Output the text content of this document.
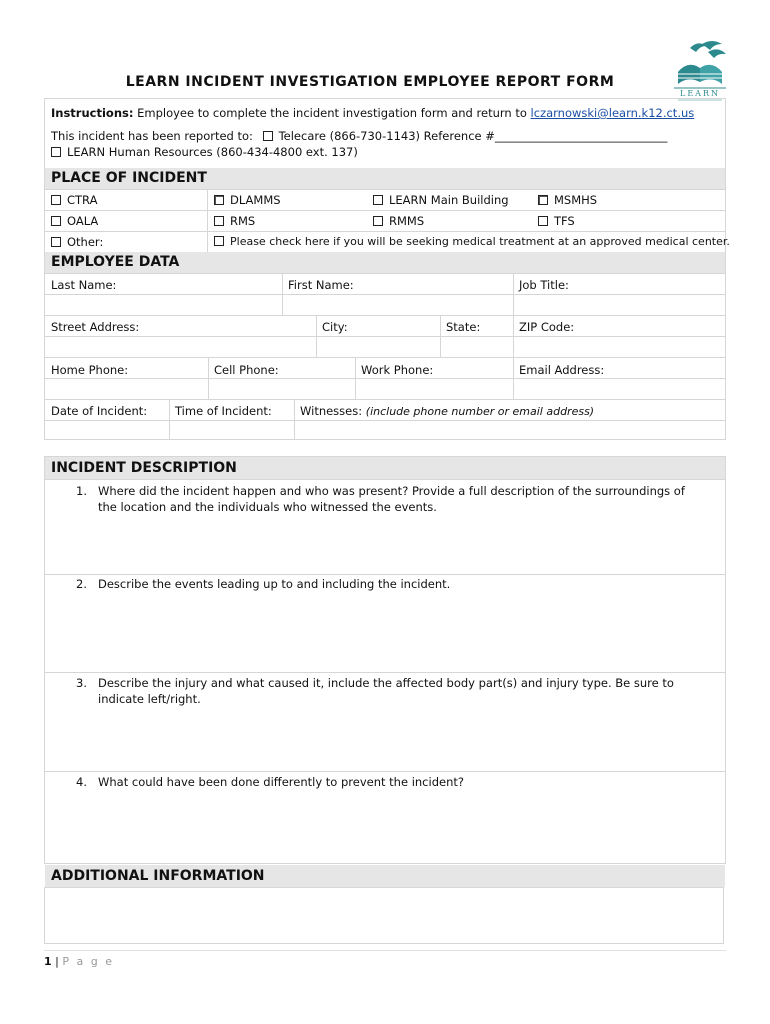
LEARN INCIDENT INVESTIGATION EMPLOYEE REPORT FORM
LEARN
Instructions: Employee to complete the incident investigation form and return to lczarnowski@learn.k12.ct.us
This incident has been reported to: Telecare (866-730-1143) Reference #______________________________
LEARN Human Resources (860-434-4800 ext. 137)
PLACE OF INCIDENT
CTRA	DLAMMS	LEARN Main Building	MSMHS
OALA	RMS	RMMS	TFS
Other:	Please check here if you will be seeking medical treatment at an approved medical center.
EMPLOYEE DATA
Last Name:	First Name:	Job Title:
Street Address:	City:	State:	ZIP Code:
Home Phone:	Cell Phone:	Work Phone:	Email Address:
Date of Incident: Time of Incident: Witnesses: (include phone number or email address)
INCIDENT DESCRIPTION
1. Where did the incident happen and who was present? Provide a full description of the surroundings of the location and the individuals who witnessed the events.
2. Describe the events leading up to and including the incident.
3. Describe the injury and what caused it, include the affected body part(s) and injury type. Be sure to indicate left/right.
4. What could have been done differently to prevent the incident?
ADDITIONAL INFORMATION
1 | P a g e
